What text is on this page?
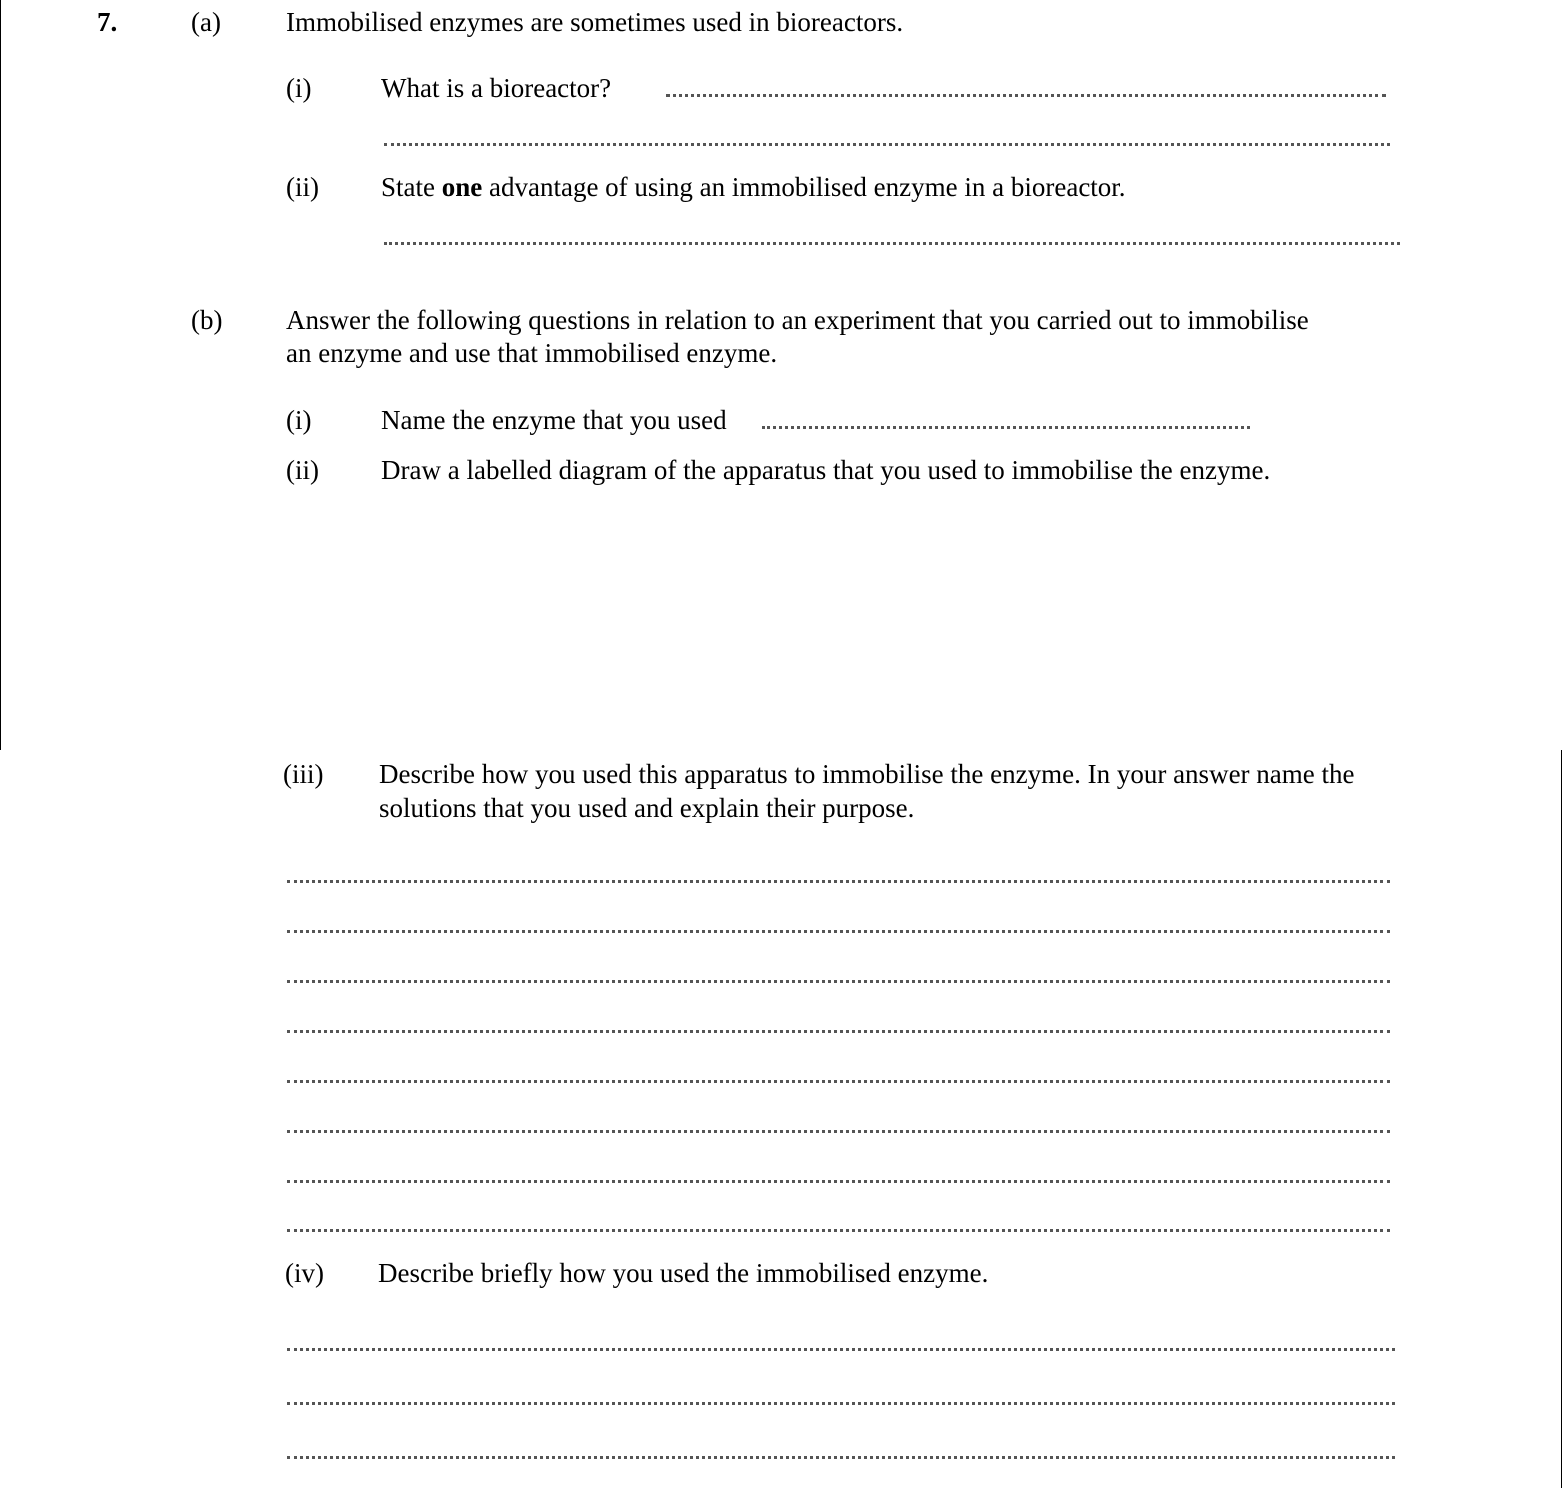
7.	(a) Immobilised enzymes are sometimes used in bioreactors.
(i)	What is a bioreactor?
(ii) State one advantage of using an immobilised enzyme in a bioreactor.
(b) Answer the following questions in relation to an experiment that you carried out to immobilise
an enzyme and use that immobilised enzyme.
(i)	Name the enzyme that you used
(ii) Draw a labelled diagram of the apparatus that you used to immobilise the enzyme.
(iii) Describe how you used this apparatus to immobilise the enzyme. In your answer name the
solutions that you used and explain their purpose.
(iv) Describe briefly how you used the immobilised enzyme.
